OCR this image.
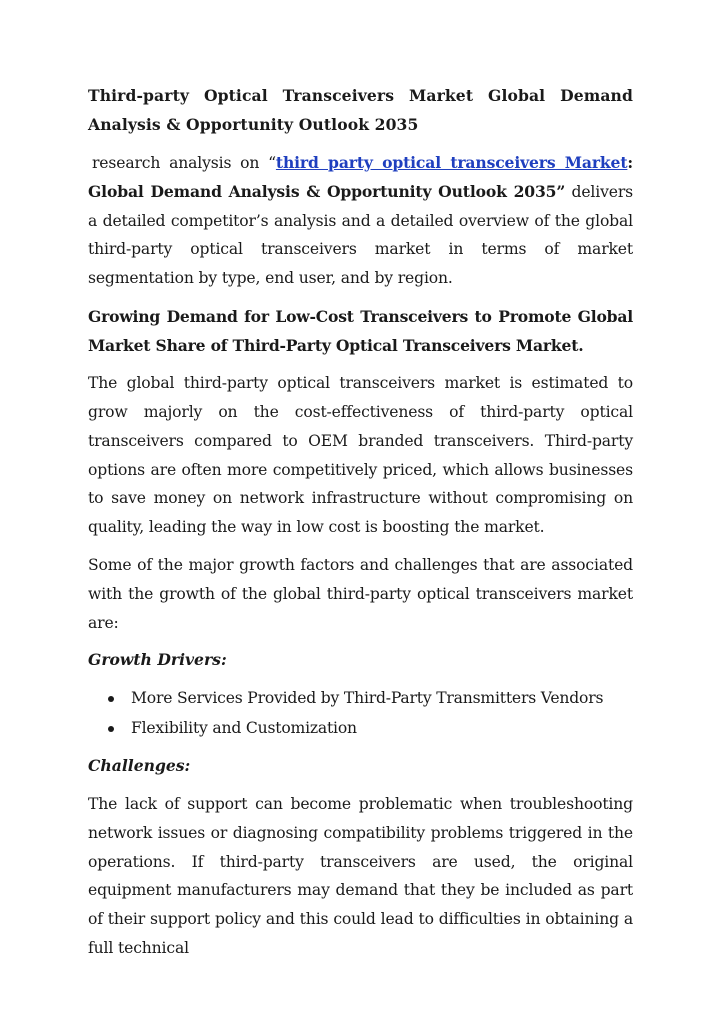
Third-party Optical Transceivers Market Global Demand Analysis & Opportunity Outlook 2035

research analysis on “third party optical transceivers Market: Global Demand Analysis & Opportunity Outlook 2035” delivers a detailed competitor’s analysis and a detailed overview of the global third-party optical transceivers market in terms of market segmentation by type, end user, and by region.

Growing Demand for Low-Cost Transceivers to Promote Global Market Share of Third-Party Optical Transceivers Market.

The global third-party optical transceivers market is estimated to grow majorly on the cost-effectiveness of third-party optical transceivers compared to OEM branded transceivers. Third-party options are often more competitively priced, which allows businesses to save money on network infrastructure without compromising on quality, leading the way in low cost is boosting the market.

Some of the major growth factors and challenges that are associated with the growth of the global third-party optical transceivers market are:

Growth Drivers:

More Services Provided by Third-Party Transmitters Vendors
Flexibility and Customization

Challenges:

The lack of support can become problematic when troubleshooting network issues or diagnosing compatibility problems triggered in the operations. If third-party transceivers are used, the original equipment manufacturers may demand that they be included as part of their support policy and this could lead to difficulties in obtaining a full technical
